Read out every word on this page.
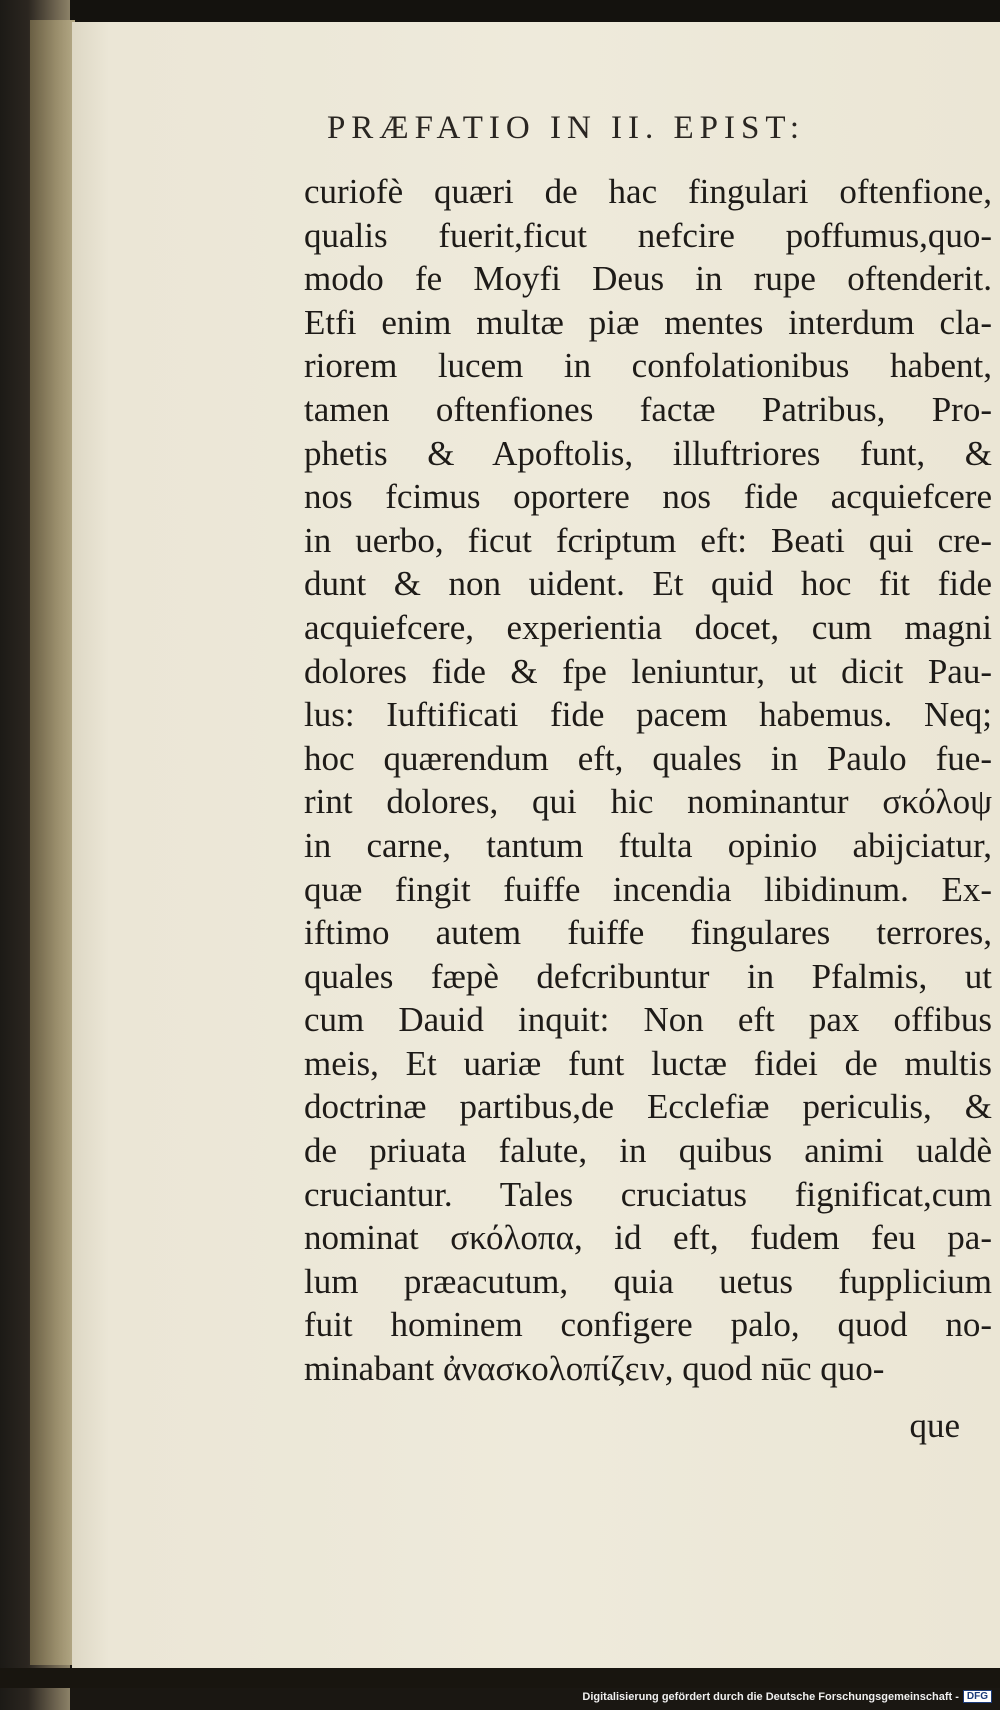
PRÆFATIO IN II. EPIST:
curiofè quæri de hac fingulari oftenfione,
qualis fuerit,ficut nefcire poffumus,quo-
modo fe Moyfi Deus in rupe oftenderit.
Etfi enim multæ piæ mentes interdum cla-
riorem lucem in confolationibus habent,
tamen oftenfiones factæ Patribus, Pro-
phetis & Apoftolis, illuftriores funt, &
nos fcimus oportere nos fide acquiefcere
in uerbo, ficut fcriptum eft: Beati qui cre-
dunt & non uident. Et quid hoc fit fide
acquiefcere, experientia docet, cum magni
dolores fide & fpe leniuntur, ut dicit Pau-
lus: Iuftificati fide pacem habemus. Neq;
hoc quærendum eft, quales in Paulo fue-
rint dolores, qui hic nominantur σκόλοψ
in carne, tantum ftulta opinio abijciatur,
quæ fingit fuiffe incendia libidinum. Ex-
iftimo autem fuiffe fingulares terrores,
quales fæpè defcribuntur in Pfalmis, ut
cum Dauid inquit: Non eft pax offibus
meis, Et uariæ funt luctæ fidei de multis
doctrinæ partibus,de Ecclefiæ periculis, &
de priuata falute, in quibus animi ualdè
cruciantur. Tales cruciatus fignificat,cum
nominat σκόλοπα, id eft, fudem feu pa-
lum præacutum, quia uetus fupplicium
fuit hominem configere palo, quod no-
minabant ἀνασκολοπίζειν, quod nūc quo-
que
Digitalisierung gefördert durch die Deutsche Forschungsgemeinschaft - DFG
